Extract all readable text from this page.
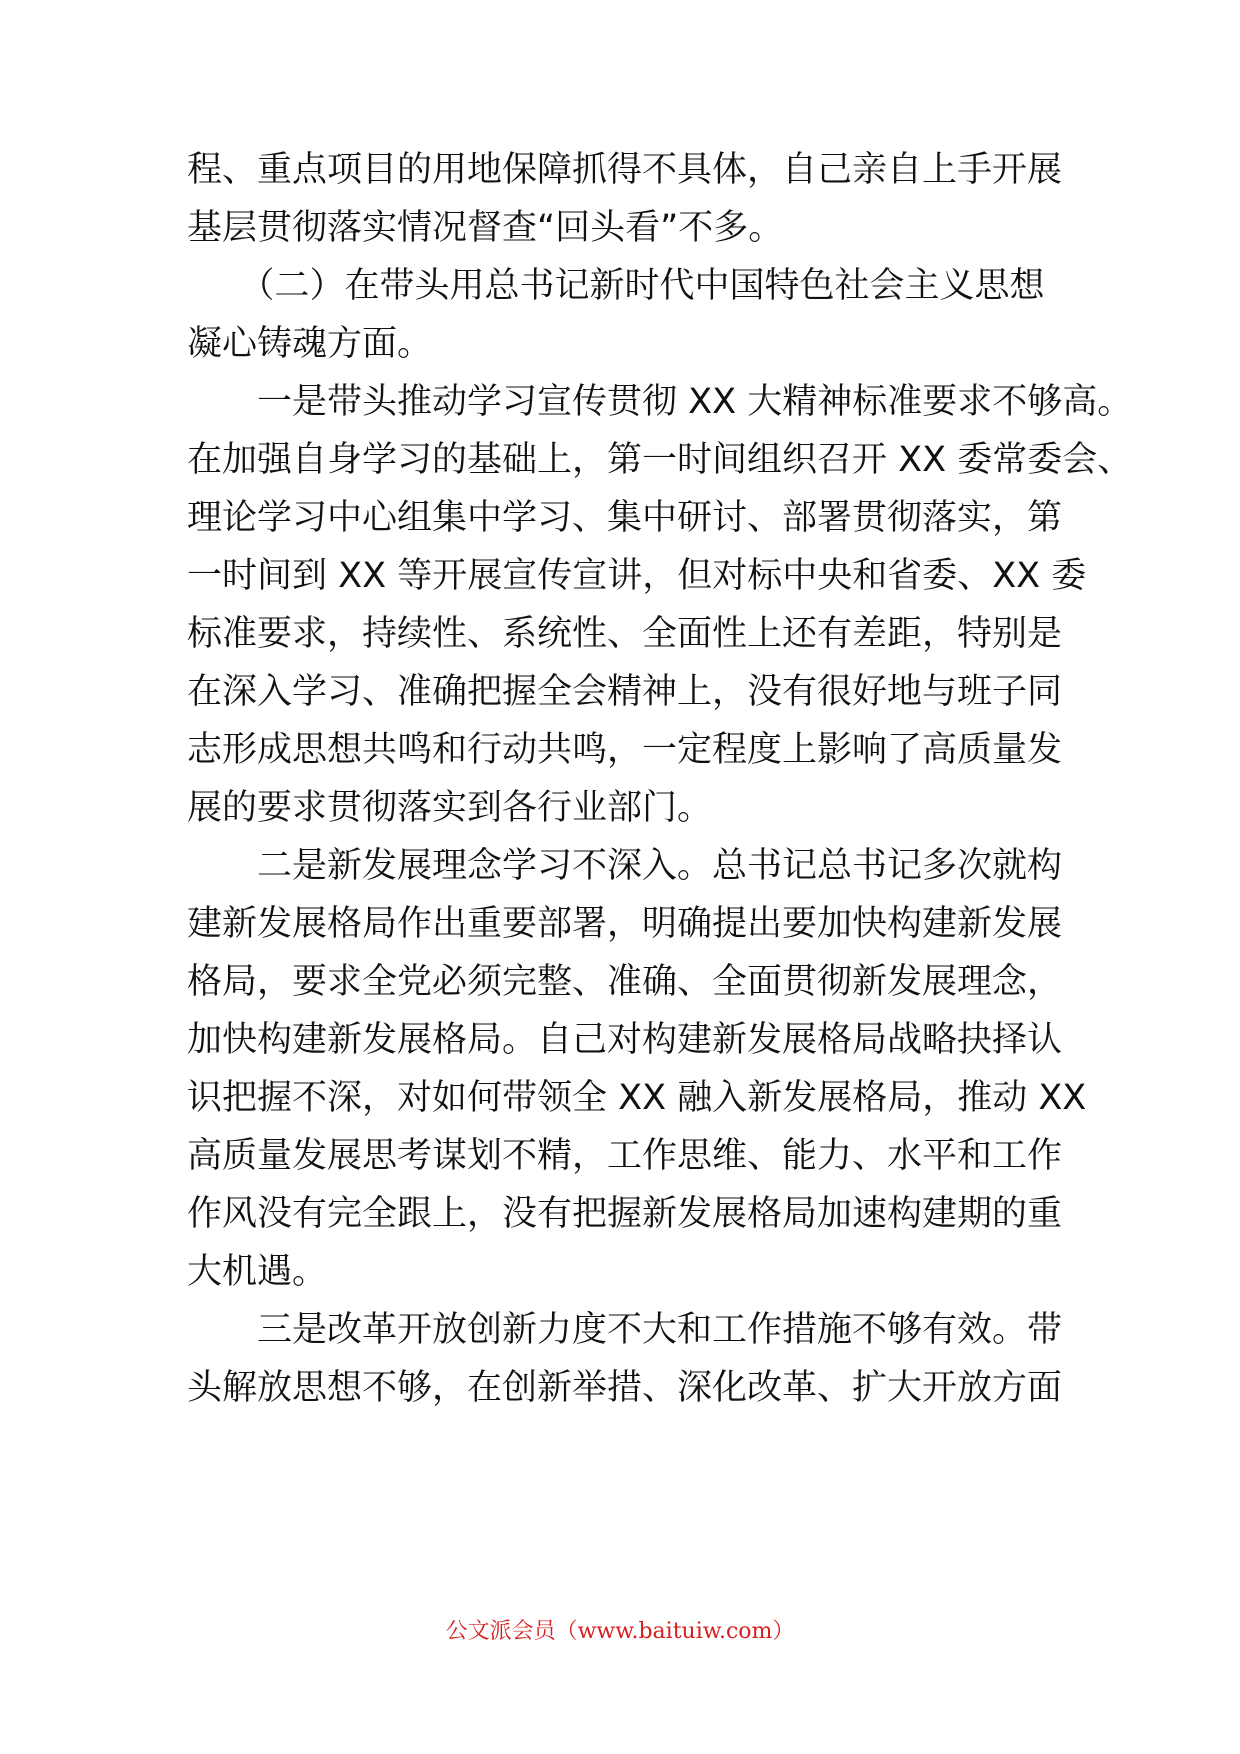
程、重点项目的用地保障抓得不具体，自己亲自上手开展
基层贯彻落实情况督查“回头看”不多。
　　（二）在带头用总书记新时代中国特色社会主义思想
凝心铸魂方面。
　　一是带头推动学习宣传贯彻 XX 大精神标准要求不够高。
在加强自身学习的基础上，第一时间组织召开 XX 委常委会、
理论学习中心组集中学习、集中研讨、部署贯彻落实，第
一时间到 XX 等开展宣传宣讲，但对标中央和省委、XX 委
标准要求，持续性、系统性、全面性上还有差距，特别是
在深入学习、准确把握全会精神上，没有很好地与班子同
志形成思想共鸣和行动共鸣，一定程度上影响了高质量发
展的要求贯彻落实到各行业部门。
　　二是新发展理念学习不深入。总书记总书记多次就构
建新发展格局作出重要部署，明确提出要加快构建新发展
格局，要求全党必须完整、准确、全面贯彻新发展理念，
加快构建新发展格局。自己对构建新发展格局战略抉择认
识把握不深，对如何带领全 XX 融入新发展格局，推动 XX
高质量发展思考谋划不精，工作思维、能力、水平和工作
作风没有完全跟上，没有把握新发展格局加速构建期的重
大机遇。
　　三是改革开放创新力度不大和工作措施不够有效。带
头解放思想不够，在创新举措、深化改革、扩大开放方面
公文派会员（www.baituiw.com）
